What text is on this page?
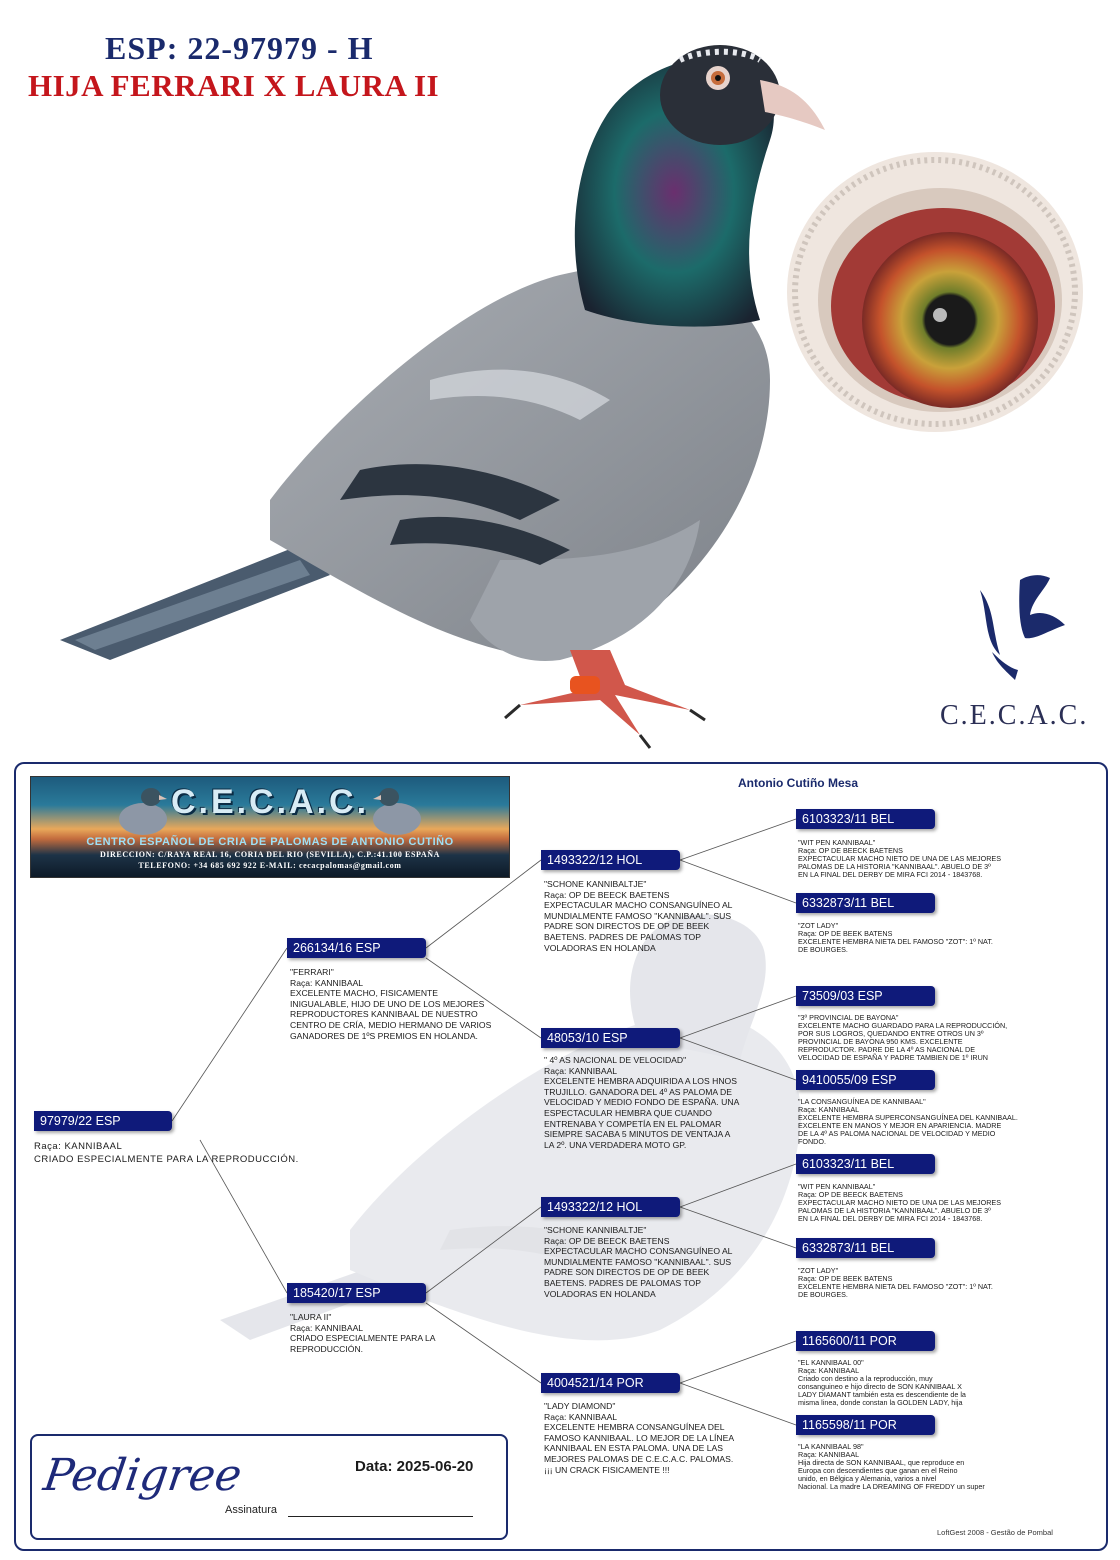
ESP: 22-97979 - H
HIJA FERRARI X LAURA II
C.E.C.A.C.
Antonio Cutiño Mesa
C.E.C.A.C.
CENTRO ESPAÑOL DE CRIA DE PALOMAS DE ANTONIO CUTIÑO
DIRECCION: C/RAYA REAL 16, CORIA DEL RIO (SEVILLA), C.P.:41.100 ESPAÑA
TELEFONO: +34 685 692 922 E-MAIL: cecacpalomas@gmail.com
97979/22 ESP
Raça: KANNIBAAL
CRIADO ESPECIALMENTE PARA LA REPRODUCCIÓN.
266134/16 ESP
"FERRARI"
Raça: KANNIBAAL
EXCELENTE MACHO, FISICAMENTE
INIGUALABLE, HIJO DE UNO DE LOS MEJORES
REPRODUCTORES KANNIBAAL DE NUESTRO
CENTRO DE CRÍA, MEDIO HERMANO DE VARIOS
GANADORES DE 1ºS PREMIOS EN HOLANDA.
185420/17 ESP
"LAURA II"
Raça: KANNIBAAL
CRIADO ESPECIALMENTE PARA LA
REPRODUCCIÓN.
1493322/12 HOL
"SCHONE KANNIBALTJE"
Raça: OP DE BEECK BAETENS
EXPECTACULAR MACHO CONSANGUÍNEO AL
MUNDIALMENTE FAMOSO "KANNIBAAL". SUS
PADRE SON DIRECTOS DE OP DE BEEK
BAETENS. PADRES DE PALOMAS TOP
VOLADORAS EN HOLANDA
48053/10 ESP
" 4º AS NACIONAL DE VELOCIDAD"
Raça: KANNIBAAL
EXCELENTE HEMBRA ADQUIRIDA A LOS HNOS
TRUJILLO. GANADORA DEL 4º AS PALOMA DE
VELOCIDAD Y MEDIO FONDO DE ESPAÑA. UNA
ESPECTACULAR HEMBRA QUE CUANDO
ENTRENABA Y COMPETÍA EN EL PALOMAR
SIEMPRE SACABA 5 MINUTOS DE VENTAJA A
LA 2º. UNA VERDADERA MOTO GP.
1493322/12 HOL
"SCHONE KANNIBALTJE"
Raça: OP DE BEECK BAETENS
EXPECTACULAR MACHO CONSANGUÍNEO AL
MUNDIALMENTE FAMOSO "KANNIBAAL". SUS
PADRE SON DIRECTOS DE OP DE BEEK
BAETENS. PADRES DE PALOMAS TOP
VOLADORAS EN HOLANDA
4004521/14 POR
"LADY DIAMOND"
Raça: KANNIBAAL
EXCELENTE HEMBRA CONSANGUÍNEA DEL
FAMOSO KANNIBAAL. LO MEJOR DE LA LÍNEA
KANNIBAAL EN ESTA PALOMA. UNA DE LAS
MEJORES PALOMAS DE C.E.C.A.C. PALOMAS.
¡¡¡ UN CRACK FISICAMENTE !!!
6103323/11 BEL
"WIT PEN KANNIBAAL"
Raça: OP DE BEECK BAETENS
EXPECTACULAR MACHO NIETO DE UNA DE LAS MEJORES
PALOMAS DE LA HISTORIA "KANNIBAAL". ABUELO DE 3º
EN LA FINAL DEL DERBY DE MIRA FCI 2014 - 1843768.
6332873/11 BEL
"ZOT LADY"
Raça: OP DE BEEK BATENS
EXCELENTE HEMBRA NIETA DEL FAMOSO "ZOT": 1º NAT.
DE BOURGES.
73509/03 ESP
"3º PROVINCIAL DE BAYONA"
EXCELENTE MACHO GUARDADO PARA LA REPRODUCCIÓN,
POR SUS LOGROS, QUEDANDO ENTRE OTROS UN 3º
PROVINCIAL DE BAYONA 950 KMS. EXCELENTE
REPRODUCTOR. PADRE DE LA 4º AS NACIONAL DE
VELOCIDAD DE ESPAÑA Y PADRE TAMBIEN DE 1º IRUN
9410055/09 ESP
"LA CONSANGUÍNEA DE KANNIBAAL"
Raça: KANNIBAAL
EXCELENTE HEMBRA SUPERCONSANGUÍNEA DEL KANNIBAAL.
EXCELENTE EN MANOS Y MEJOR EN APARIENCIA. MADRE
DE LA 4º AS PALOMA NACIONAL DE VELOCIDAD Y MEDIO
FONDO.
6103323/11 BEL
"WIT PEN KANNIBAAL"
Raça: OP DE BEECK BAETENS
EXPECTACULAR MACHO NIETO DE UNA DE LAS MEJORES
PALOMAS DE LA HISTORIA "KANNIBAAL". ABUELO DE 3º
EN LA FINAL DEL DERBY DE MIRA FCI 2014 - 1843768.
6332873/11 BEL
"ZOT LADY"
Raça: OP DE BEEK BATENS
EXCELENTE HEMBRA NIETA DEL FAMOSO "ZOT": 1º NAT.
DE BOURGES.
1165600/11 POR
"EL KANNIBAAL 00"
Raça: KANNIBAAL
Criado con destino a la reproducción, muy
consanguineo e hijo directo de SON KANNIBAAL X
LADY DIAMANT también esta es descendiente de la
misma linea, donde constan la GOLDEN LADY, hija
1165598/11 POR
"LA KANNIBAAL 98"
Raça: KANNIBAAL
Hija directa de SON KANNIBAAL, que reproduce en
Europa con descendientes que ganan en el Reino
unido, en Bélgica y Alemania, varios a nivel
Nacional. La madre LA DREAMING OF FREDDY un super
Pedigree	Data: 2025-06-20
Assinatura
LoftGest 2008 - Gestão de Pombal
